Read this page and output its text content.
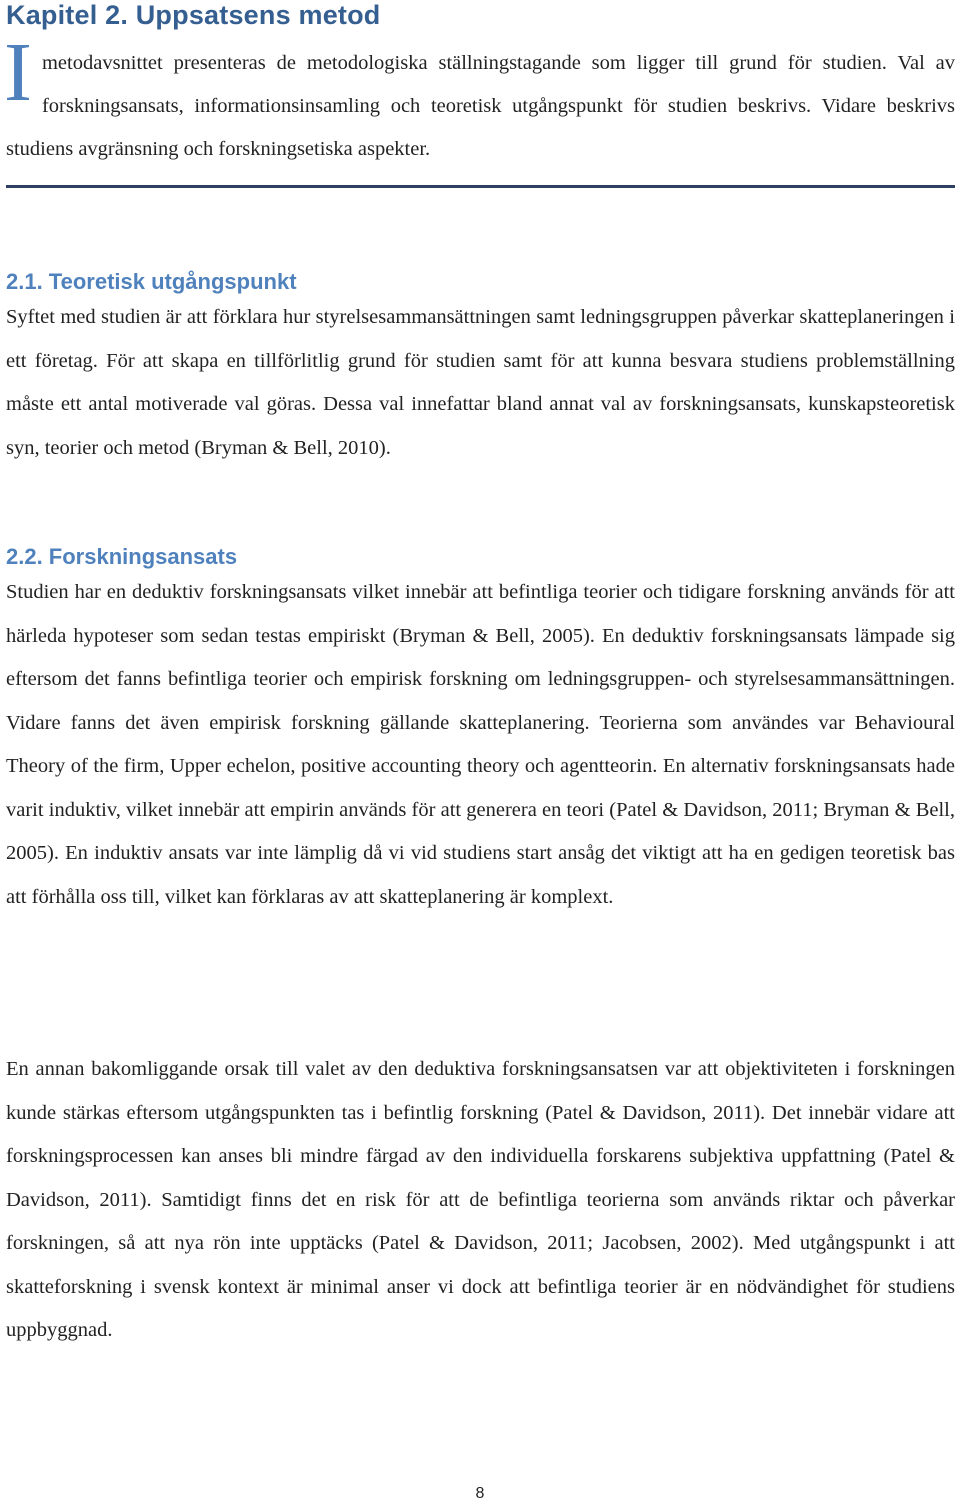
Kapitel 2. Uppsatsens metod
I metodavsnittet presenteras de metodologiska ställningstagande som ligger till grund för studien. Val av forskningsansats, informationsinsamling och teoretisk utgångspunkt för studien beskrivs. Vidare beskrivs studiens avgränsning och forskningsetiska aspekter.
2.1. Teoretisk utgångspunkt

Syftet med studien är att förklara hur styrelsesammansättningen samt ledningsgruppen påverkar skatteplaneringen i ett företag. För att skapa en tillförlitlig grund för studien samt för att kunna besvara studiens problemställning måste ett antal motiverade val göras. Dessa val innefattar bland annat val av forskningsansats, kunskapsteoretisk syn, teorier och metod (Bryman & Bell, 2010).

2.2. Forskningsansats

Studien har en deduktiv forskningsansats vilket innebär att befintliga teorier och tidigare forskning används för att härleda hypoteser som sedan testas empiriskt (Bryman & Bell, 2005). En deduktiv forskningsansats lämpade sig eftersom det fanns befintliga teorier och empirisk forskning om ledningsgruppen- och styrelsesammansättningen. Vidare fanns det även empirisk forskning gällande skatteplanering. Teorierna som användes var Behavioural Theory of the firm, Upper echelon, positive accounting theory och agentteorin. En alternativ forskningsansats hade varit induktiv, vilket innebär att empirin används för att generera en teori (Patel & Davidson, 2011; Bryman & Bell, 2005). En induktiv ansats var inte lämplig då vi vid studiens start ansåg det viktigt att ha en gedigen teoretisk bas att förhålla oss till, vilket kan förklaras av att skatteplanering är komplext.

En annan bakomliggande orsak till valet av den deduktiva forskningsansatsen var att objektiviteten i forskningen kunde stärkas eftersom utgångspunkten tas i befintlig forskning (Patel & Davidson, 2011). Det innebär vidare att forskningsprocessen kan anses bli mindre färgad av den individuella forskarens subjektiva uppfattning (Patel & Davidson, 2011). Samtidigt finns det en risk för att de befintliga teorierna som används riktar och påverkar forskningen, så att nya rön inte upptäcks (Patel & Davidson, 2011; Jacobsen, 2002). Med utgångspunkt i att skatteforskning i svensk kontext är minimal anser vi dock att befintliga teorier är en nödvändighet för studiens uppbyggnad.

8
